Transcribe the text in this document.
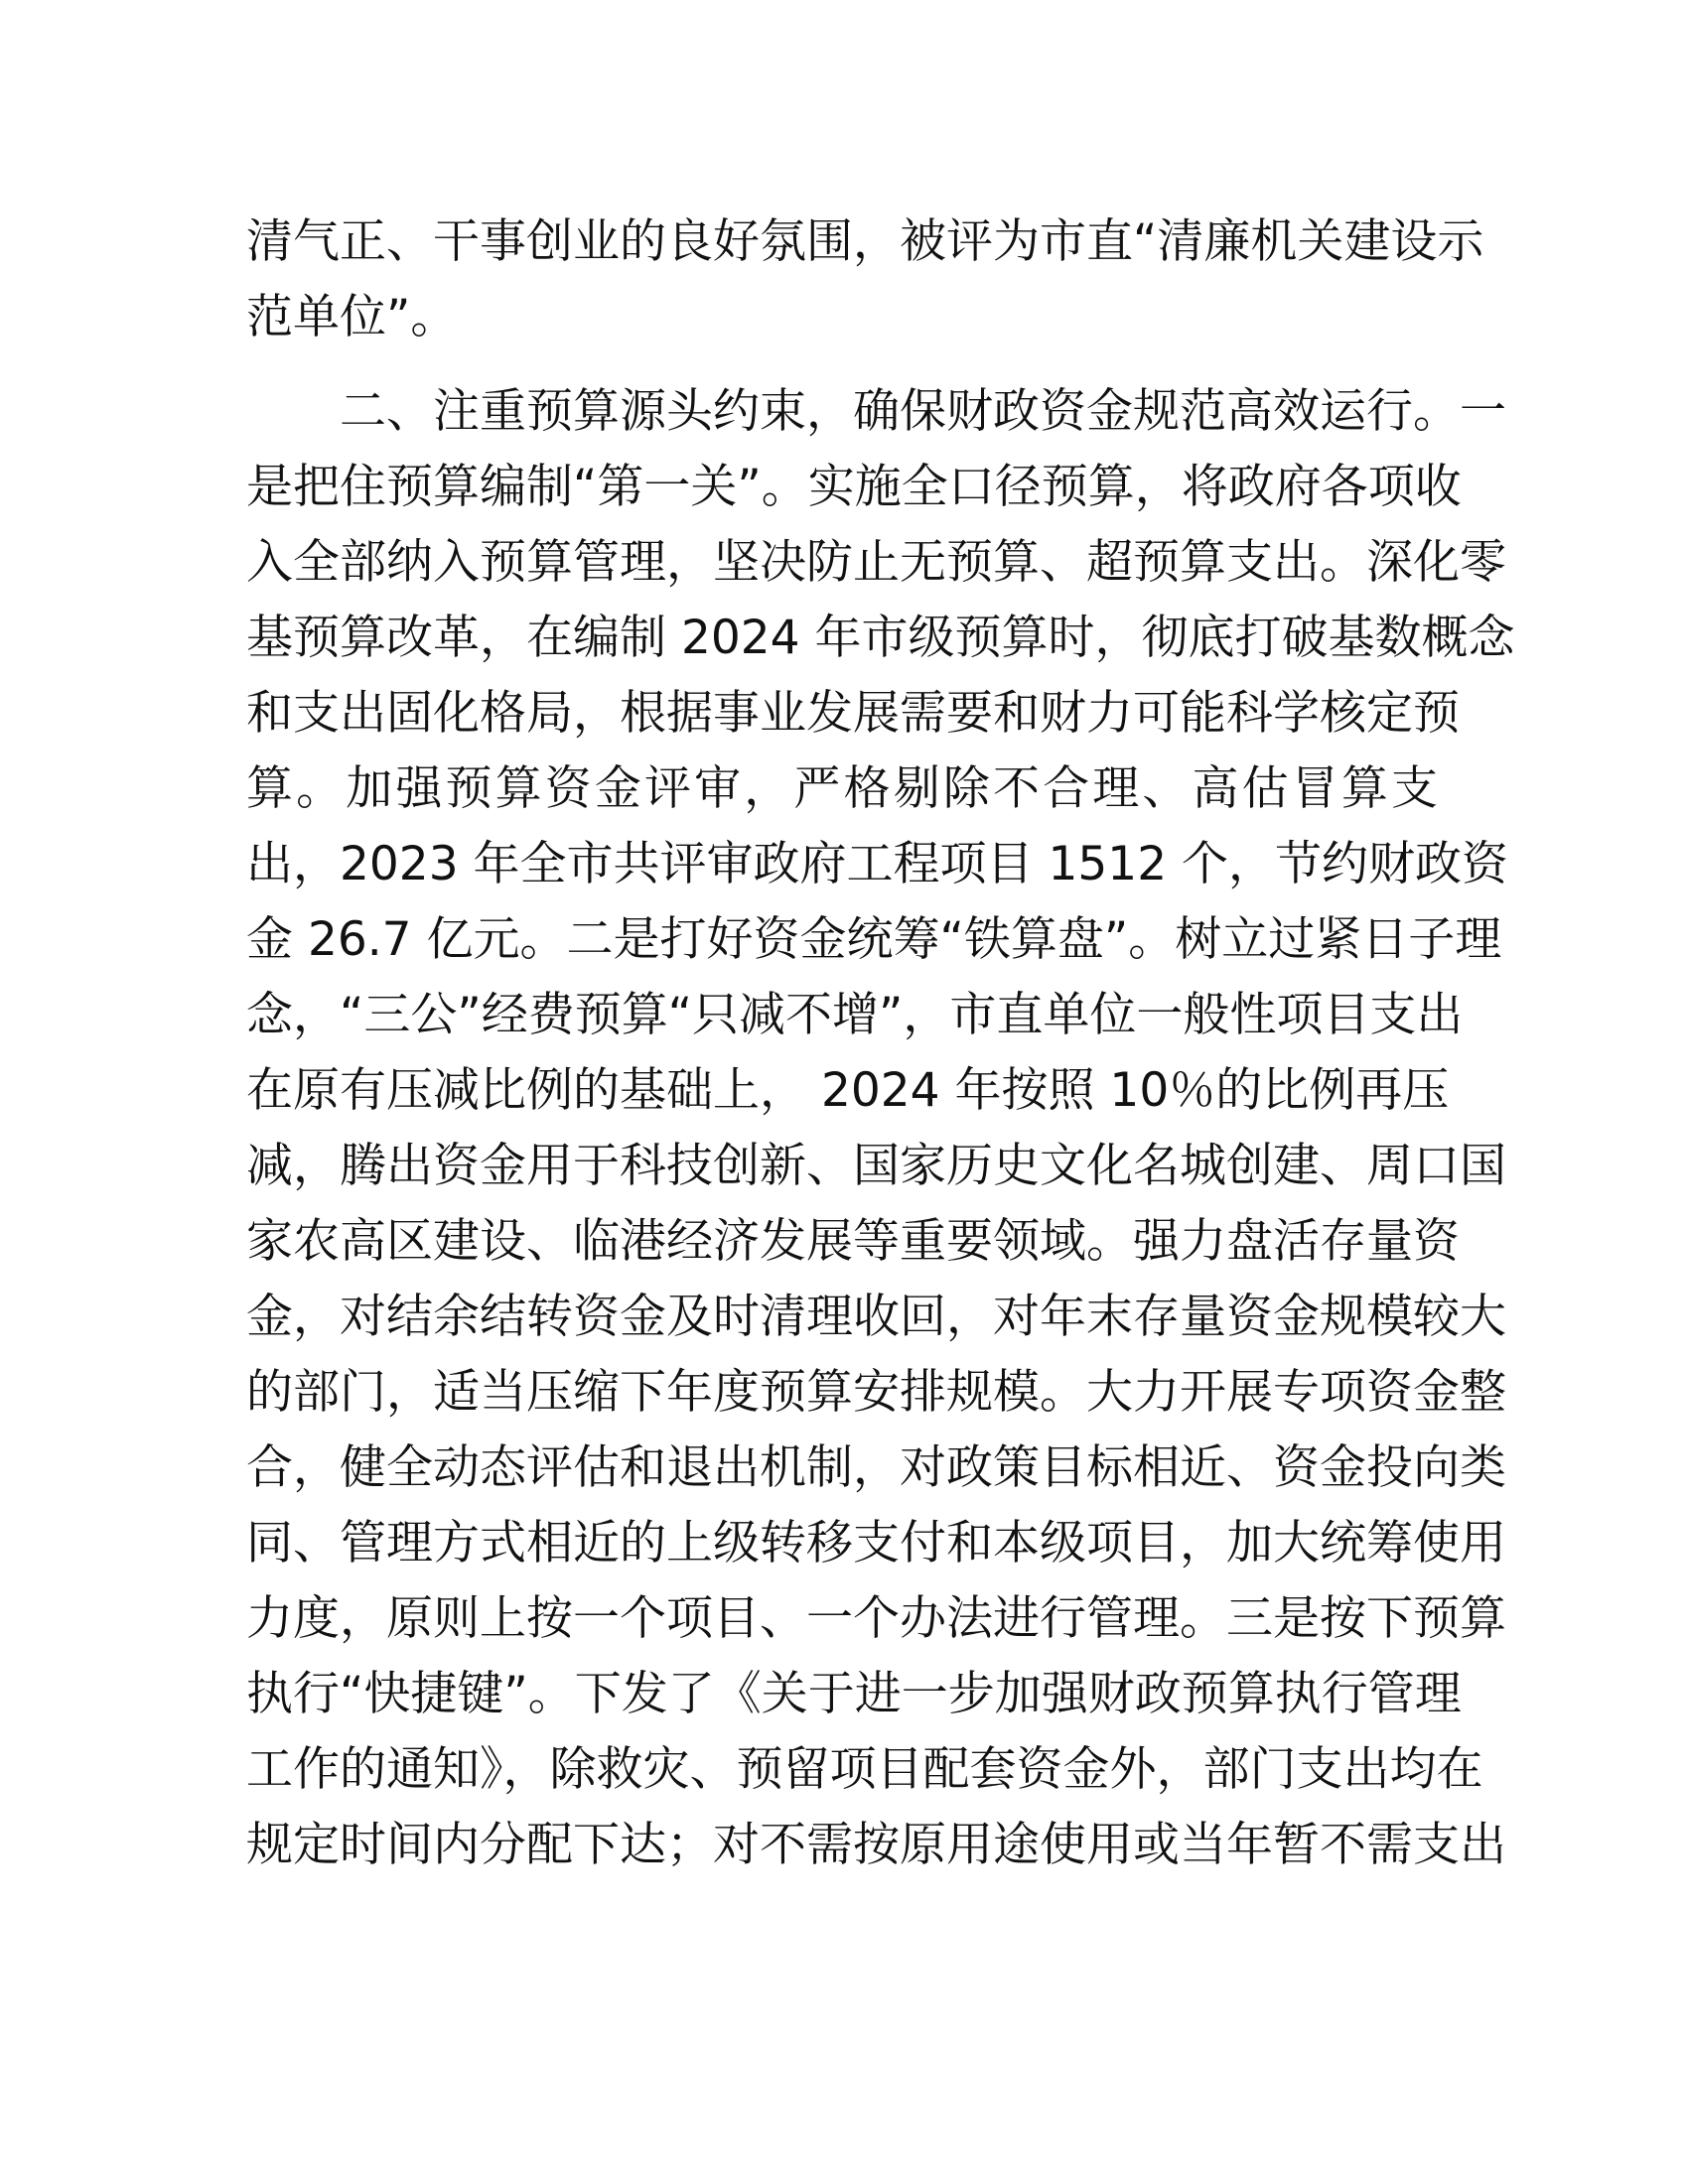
清气正、干事创业的良好氛围，被评为市直“清廉机关建设示
范单位”。
二、注重预算源头约束，确保财政资金规范高效运行。一
是把住预算编制“第一关”。实施全口径预算，将政府各项收
入全部纳入预算管理，坚决防止无预算、超预算支出。深化零
基预算改革，在编制 2024 年市级预算时，彻底打破基数概念
和支出固化格局，根据事业发展需要和财力可能科学核定预
算。加强预算资金评审，严格剔除不合理、高估冒算支
出，2023 年全市共评审政府工程项目 1512 个，节约财政资
金 26.7 亿元。二是打好资金统筹“铁算盘”。树立过紧日子理
念，“三公”经费预算“只减不增”，市直单位一般性项目支出
在原有压减比例的基础上， 2024 年按照 10％的比例再压
减，腾出资金用于科技创新、国家历史文化名城创建、周口国
家农高区建设、临港经济发展等重要领域。强力盘活存量资
金，对结余结转资金及时清理收回，对年末存量资金规模较大
的部门，适当压缩下年度预算安排规模。大力开展专项资金整
合，健全动态评估和退出机制，对政策目标相近、资金投向类
同、管理方式相近的上级转移支付和本级项目，加大统筹使用
力度，原则上按一个项目、一个办法进行管理。三是按下预算
执行“快捷键”。下发了《关于进一步加强财政预算执行管理
工作的通知》，除救灾、预留项目配套资金外，部门支出均在
规定时间内分配下达；对不需按原用途使用或当年暂不需支出
